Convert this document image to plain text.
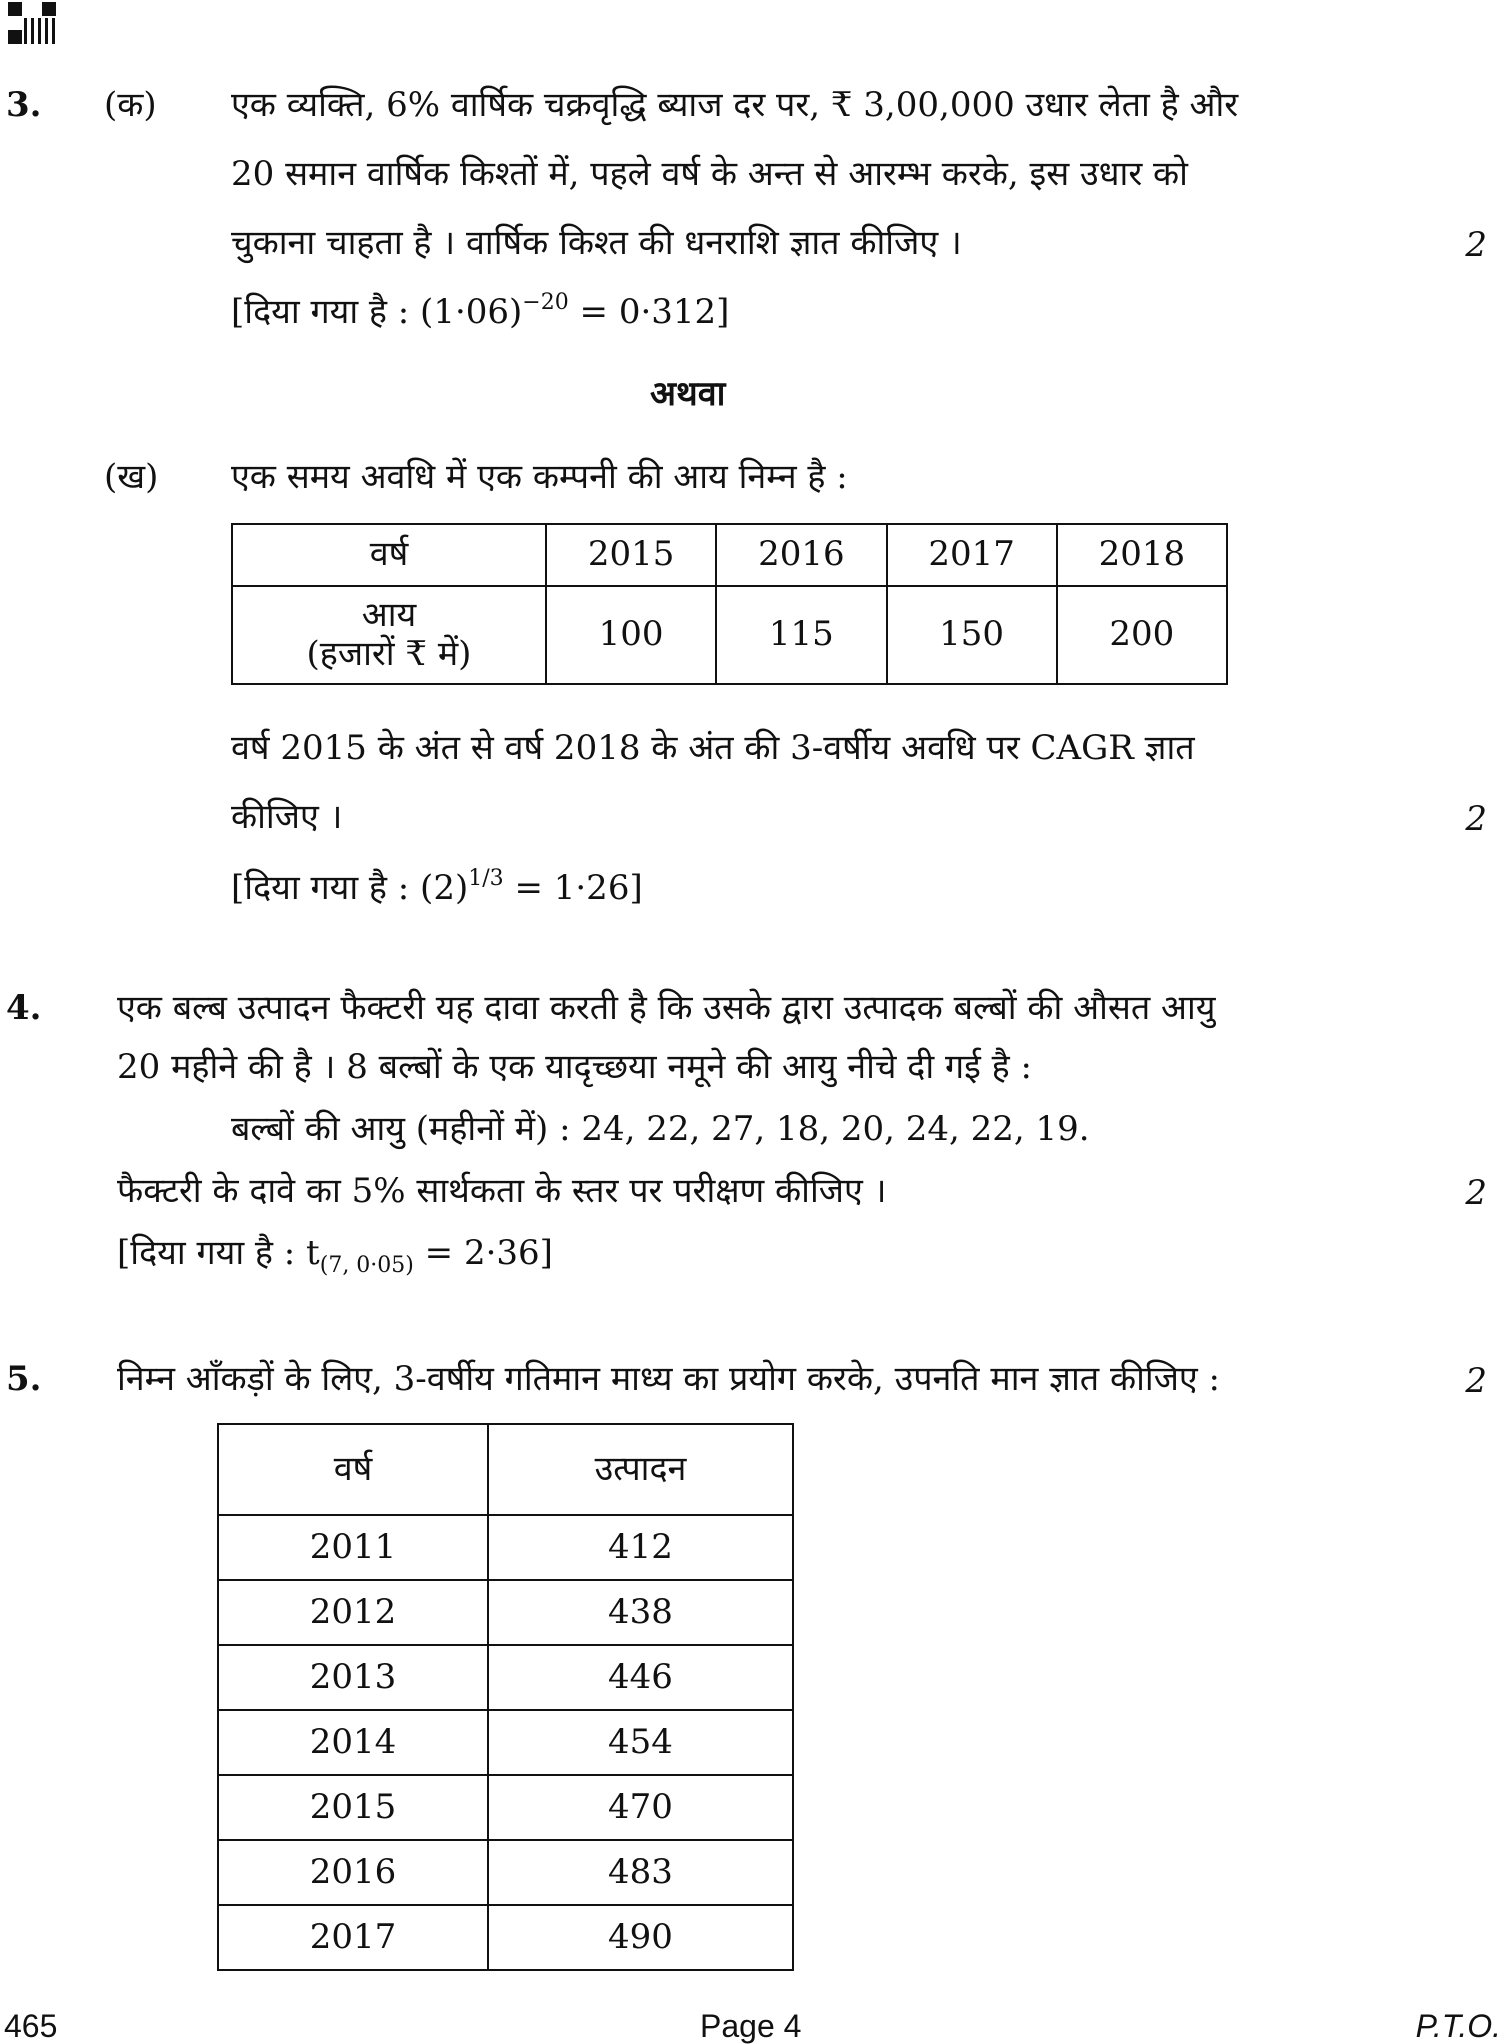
3. (क) एक व्यक्ति, 6% वार्षिक चक्रवृद्धि ब्याज दर पर, ₹ 3,00,000 उधार लेता है और
20 समान वार्षिक किश्तों में, पहले वर्ष के अन्त से आरम्भ करके, इस उधार को
चुकाना चाहता है । वार्षिक किश्त की धनराशि ज्ञात कीजिए ।	2
[दिया गया है : $(1\cdot 06)^{-20} = 0\cdot 312$]
अथवा
(ख) एक समय अवधि में एक कम्पनी की आय निम्न है :
वर्ष	2015	2016	2017	2018

आय
(हजारों ₹ में)	100	115	150	200
वर्ष 2015 के अंत से वर्ष 2018 के अंत की 3-वर्षीय अवधि पर CAGR ज्ञात
कीजिए ।	2
[दिया गया है : $(2)^{1/3} = 1\cdot 26$]
4. एक बल्ब उत्पादन फैक्टरी यह दावा करती है कि उसके द्वारा उत्पादक बल्बों की औसत आयु
20 महीने की है । 8 बल्बों के एक यादृच्छया नमूने की आयु नीचे दी गई है :
बल्बों की आयु (महीनों में) : 24, 22, 27, 18, 20, 24, 22, 19.
फैक्टरी के दावे का 5% सार्थकता के स्तर पर परीक्षण कीजिए ।	2
[दिया गया है : $t_{(7, 0\cdot 05)} = 2\cdot 36$]
5. निम्न आँकड़ों के लिए, 3-वर्षीय गतिमान माध्य का प्रयोग करके, उपनति मान ज्ञात कीजिए :	2
वर्ष	उत्पादन
2011	412
2012	438
2013	446
2014	454
2015	470
2016	483
2017	490
465	Page 4	P.T.O.
